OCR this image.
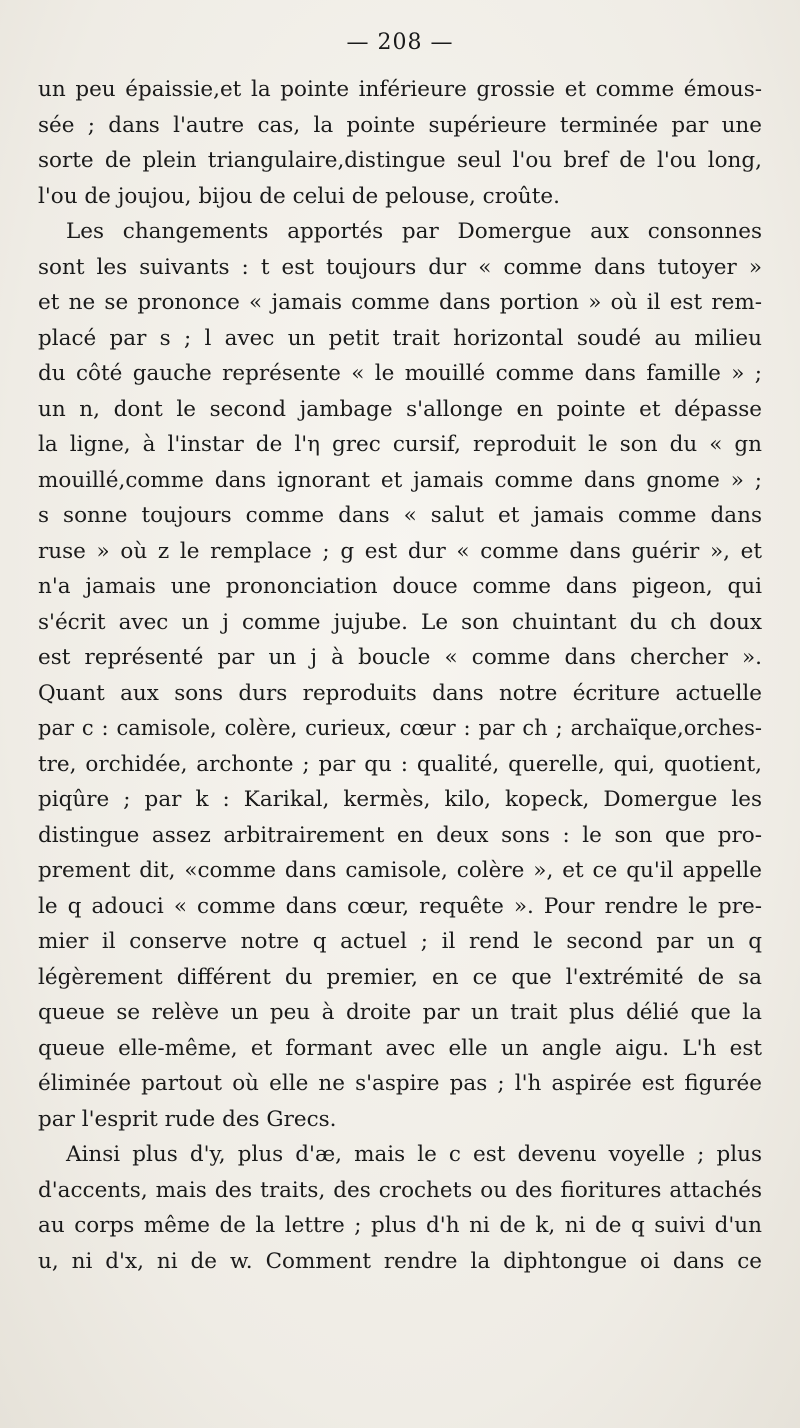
— 208 —
un peu épaissie,et la pointe inférieure grossie et comme émous-
sée ; dans l'autre cas, la pointe supérieure terminée par une
sorte de plein triangulaire,distingue seul l'ou bref de l'ou long,
l'ou de joujou, bijou de celui de pelouse, croûte.
Les changements apportés par Domergue aux consonnes
sont les suivants : t est toujours dur « comme dans tutoyer »
et ne se prononce « jamais comme dans portion » où il est rem-
placé par s ; l avec un petit trait horizontal soudé au milieu
du côté gauche représente « le mouillé comme dans famille » ;
un n, dont le second jambage s'allonge en pointe et dépasse
la ligne, à l'instar de l'η grec cursif, reproduit le son du « gn
mouillé,comme dans ignorant et jamais comme dans gnome » ;
s sonne toujours comme dans « salut et jamais comme dans
ruse » où z le remplace ; g est dur « comme dans guérir », et
n'a jamais une prononciation douce comme dans pigeon, qui
s'écrit avec un j comme jujube. Le son chuintant du ch doux
est représenté par un j à boucle « comme dans chercher ».
Quant aux sons durs reproduits dans notre écriture actuelle
par c : camisole, colère, curieux, cœur : par ch ; archaïque,orches-
tre, orchidée, archonte ; par qu : qualité, querelle, qui, quotient,
piqûre ; par k : Karikal, kermès, kilo, kopeck, Domergue les
distingue assez arbitrairement en deux sons : le son que pro-
prement dit, «comme dans camisole, colère », et ce qu'il appelle
le q adouci « comme dans cœur, requête ». Pour rendre le pre-
mier il conserve notre q actuel ; il rend le second par un q
légèrement différent du premier, en ce que l'extrémité de sa
queue se relève un peu à droite par un trait plus délié que la
queue elle-même, et formant avec elle un angle aigu. L'h est
éliminée partout où elle ne s'aspire pas ; l'h aspirée est figurée
par l'esprit rude des Grecs.
Ainsi plus d'y, plus d'æ, mais le c est devenu voyelle ; plus
d'accents, mais des traits, des crochets ou des fioritures attachés
au corps même de la lettre ; plus d'h ni de k, ni de q suivi d'un
u, ni d'x, ni de w. Comment rendre la diphtongue oi dans ce
